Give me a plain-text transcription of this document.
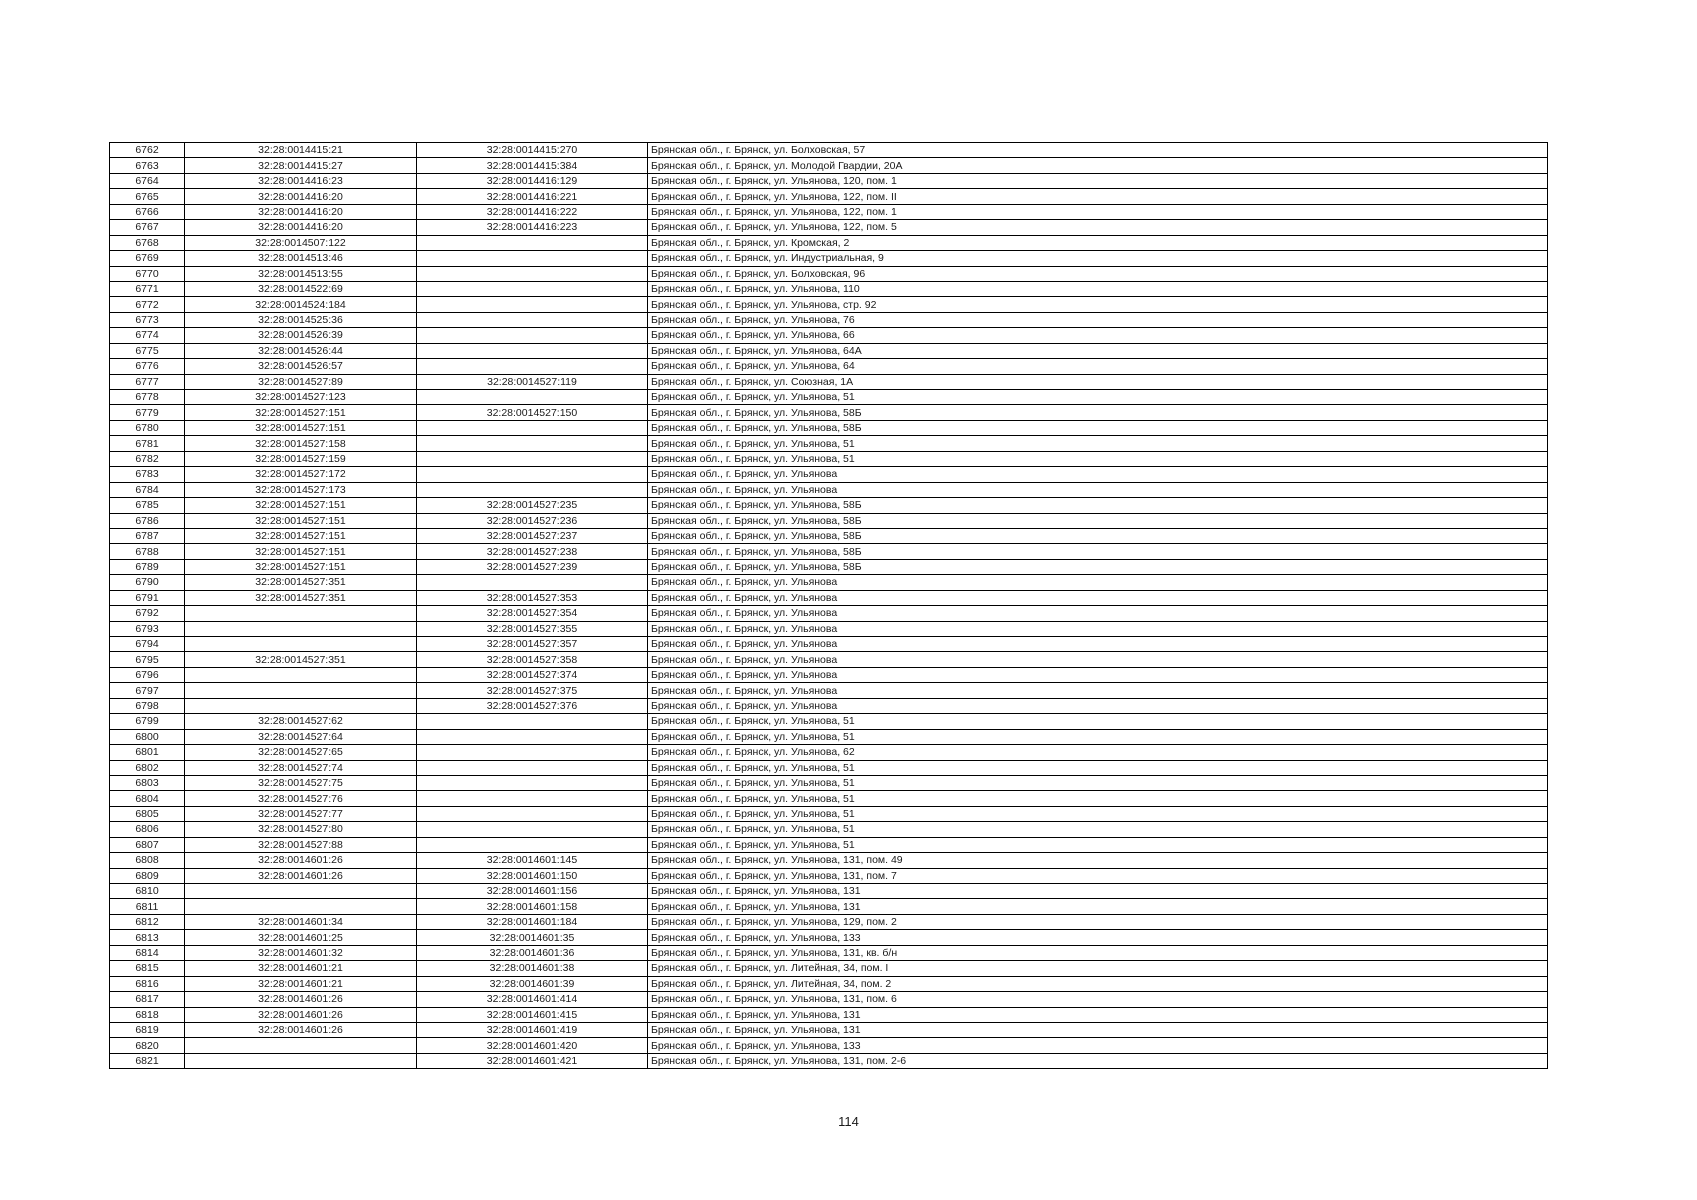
6762	32:28:0014415:21	32:28:0014415:270	Брянская обл., г. Брянск, ул. Болховская, 57
6763	32:28:0014415:27	32:28:0014415:384	Брянская обл., г. Брянск, ул. Молодой Гвардии, 20А
6764	32:28:0014416:23	32:28:0014416:129	Брянская обл., г. Брянск, ул. Ульянова, 120, пом. 1
6765	32:28:0014416:20	32:28:0014416:221	Брянская обл., г. Брянск, ул. Ульянова, 122, пом. II
6766	32:28:0014416:20	32:28:0014416:222	Брянская обл., г. Брянск, ул. Ульянова, 122, пом. 1
6767	32:28:0014416:20	32:28:0014416:223	Брянская обл., г. Брянск, ул. Ульянова, 122, пом. 5
6768	32:28:0014507:122		Брянская обл., г. Брянск, ул. Кромская, 2
6769	32:28:0014513:46		Брянская обл., г. Брянск, ул. Индустриальная, 9
6770	32:28:0014513:55		Брянская обл., г. Брянск, ул. Болховская, 96
6771	32:28:0014522:69		Брянская обл., г. Брянск, ул. Ульянова, 110
6772	32:28:0014524:184		Брянская обл., г. Брянск, ул. Ульянова, стр. 92
6773	32:28:0014525:36		Брянская обл., г. Брянск, ул. Ульянова, 76
6774	32:28:0014526:39		Брянская обл., г. Брянск, ул. Ульянова, 66
6775	32:28:0014526:44		Брянская обл., г. Брянск, ул. Ульянова, 64А
6776	32:28:0014526:57		Брянская обл., г. Брянск, ул. Ульянова, 64
6777	32:28:0014527:89	32:28:0014527:119	Брянская обл., г. Брянск, ул. Союзная, 1А
6778	32:28:0014527:123		Брянская обл., г. Брянск, ул. Ульянова, 51
6779	32:28:0014527:151	32:28:0014527:150	Брянская обл., г. Брянск, ул. Ульянова, 58Б
6780	32:28:0014527:151		Брянская обл., г. Брянск, ул. Ульянова, 58Б
6781	32:28:0014527:158		Брянская обл., г. Брянск, ул. Ульянова, 51
6782	32:28:0014527:159		Брянская обл., г. Брянск, ул. Ульянова, 51
6783	32:28:0014527:172		Брянская обл., г. Брянск, ул. Ульянова
6784	32:28:0014527:173		Брянская обл., г. Брянск, ул. Ульянова
6785	32:28:0014527:151	32:28:0014527:235	Брянская обл., г. Брянск, ул. Ульянова, 58Б
6786	32:28:0014527:151	32:28:0014527:236	Брянская обл., г. Брянск, ул. Ульянова, 58Б
6787	32:28:0014527:151	32:28:0014527:237	Брянская обл., г. Брянск, ул. Ульянова, 58Б
6788	32:28:0014527:151	32:28:0014527:238	Брянская обл., г. Брянск, ул. Ульянова, 58Б
6789	32:28:0014527:151	32:28:0014527:239	Брянская обл., г. Брянск, ул. Ульянова, 58Б
6790	32:28:0014527:351		Брянская обл., г. Брянск, ул. Ульянова
6791	32:28:0014527:351	32:28:0014527:353	Брянская обл., г. Брянск, ул. Ульянова
6792		32:28:0014527:354	Брянская обл., г. Брянск, ул. Ульянова
6793		32:28:0014527:355	Брянская обл., г. Брянск, ул. Ульянова
6794		32:28:0014527:357	Брянская обл., г. Брянск, ул. Ульянова
6795	32:28:0014527:351	32:28:0014527:358	Брянская обл., г. Брянск, ул. Ульянова
6796		32:28:0014527:374	Брянская обл., г. Брянск, ул. Ульянова
6797		32:28:0014527:375	Брянская обл., г. Брянск, ул. Ульянова
6798		32:28:0014527:376	Брянская обл., г. Брянск, ул. Ульянова
6799	32:28:0014527:62		Брянская обл., г. Брянск, ул. Ульянова, 51
6800	32:28:0014527:64		Брянская обл., г. Брянск, ул. Ульянова, 51
6801	32:28:0014527:65		Брянская обл., г. Брянск, ул. Ульянова, 62
6802	32:28:0014527:74		Брянская обл., г. Брянск, ул. Ульянова, 51
6803	32:28:0014527:75		Брянская обл., г. Брянск, ул. Ульянова, 51
6804	32:28:0014527:76		Брянская обл., г. Брянск, ул. Ульянова, 51
6805	32:28:0014527:77		Брянская обл., г. Брянск, ул. Ульянова, 51
6806	32:28:0014527:80		Брянская обл., г. Брянск, ул. Ульянова, 51
6807	32:28:0014527:88		Брянская обл., г. Брянск, ул. Ульянова, 51
6808	32:28:0014601:26	32:28:0014601:145	Брянская обл., г. Брянск, ул. Ульянова, 131, пом. 49
6809	32:28:0014601:26	32:28:0014601:150	Брянская обл., г. Брянск, ул. Ульянова, 131, пом. 7
6810		32:28:0014601:156	Брянская обл., г. Брянск, ул. Ульянова, 131
6811		32:28:0014601:158	Брянская обл., г. Брянск, ул. Ульянова, 131
6812	32:28:0014601:34	32:28:0014601:184	Брянская обл., г. Брянск, ул. Ульянова, 129, пом. 2
6813	32:28:0014601:25	32:28:0014601:35	Брянская обл., г. Брянск, ул. Ульянова, 133
6814	32:28:0014601:32	32:28:0014601:36	Брянская обл., г. Брянск, ул. Ульянова, 131, кв. б/н
6815	32:28:0014601:21	32:28:0014601:38	Брянская обл., г. Брянск, ул. Литейная, 34, пом. I
6816	32:28:0014601:21	32:28:0014601:39	Брянская обл., г. Брянск, ул. Литейная, 34, пом. 2
6817	32:28:0014601:26	32:28:0014601:414	Брянская обл., г. Брянск, ул. Ульянова, 131, пом. 6
6818	32:28:0014601:26	32:28:0014601:415	Брянская обл., г. Брянск, ул. Ульянова, 131
6819	32:28:0014601:26	32:28:0014601:419	Брянская обл., г. Брянск, ул. Ульянова, 131
6820		32:28:0014601:420	Брянская обл., г. Брянск, ул. Ульянова, 133
6821		32:28:0014601:421	Брянская обл., г. Брянск, ул. Ульянова, 131, пом. 2-6
114
